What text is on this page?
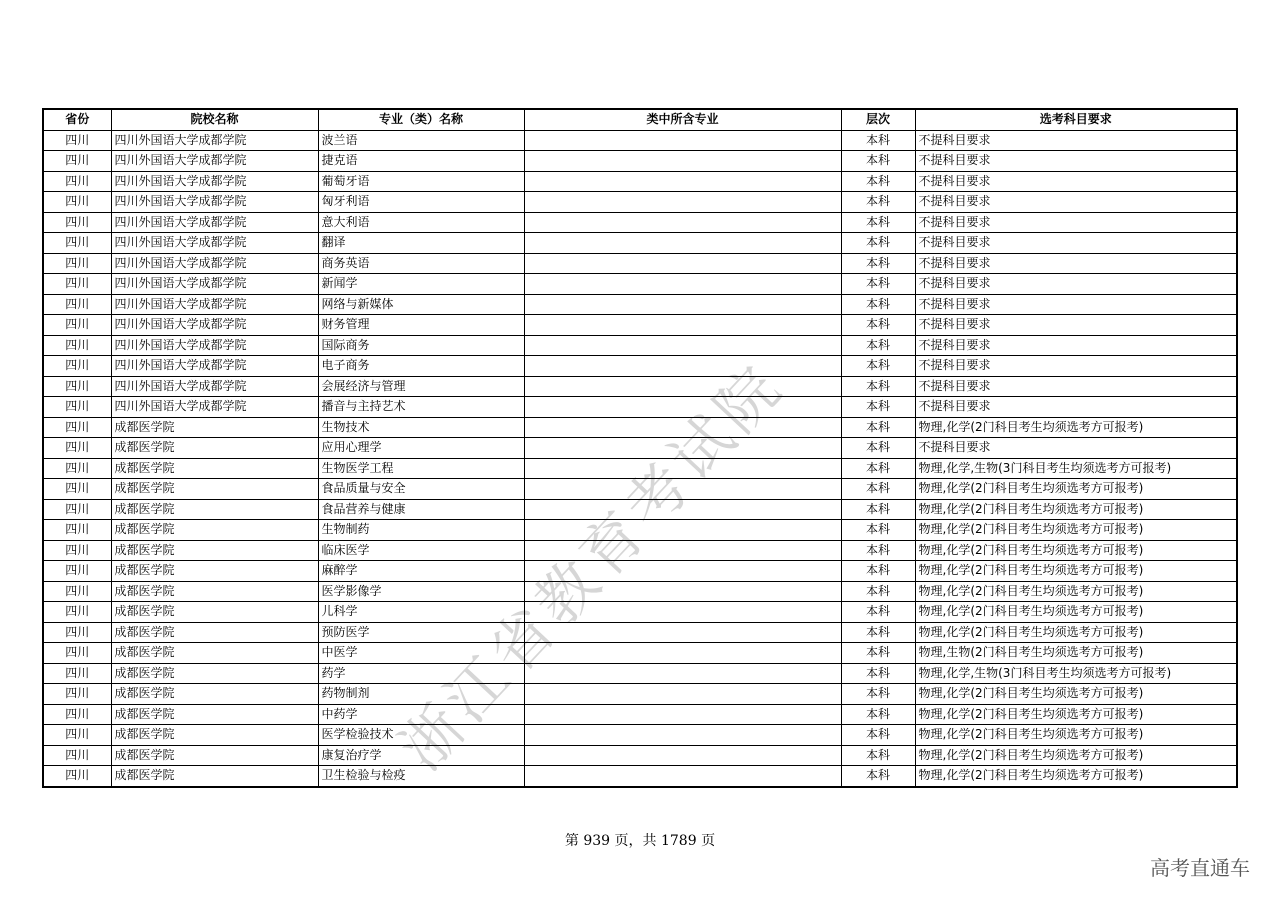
省份	院校名称	专业（类）名称	类中所含专业	层次	选考科目要求
四川	四川外国语大学成都学院	波兰语		本科	不提科目要求
四川	四川外国语大学成都学院	捷克语		本科	不提科目要求
四川	四川外国语大学成都学院	葡萄牙语		本科	不提科目要求
四川	四川外国语大学成都学院	匈牙利语		本科	不提科目要求
四川	四川外国语大学成都学院	意大利语		本科	不提科目要求
四川	四川外国语大学成都学院	翻译		本科	不提科目要求
四川	四川外国语大学成都学院	商务英语		本科	不提科目要求
四川	四川外国语大学成都学院	新闻学		本科	不提科目要求
四川	四川外国语大学成都学院	网络与新媒体		本科	不提科目要求
四川	四川外国语大学成都学院	财务管理		本科	不提科目要求
四川	四川外国语大学成都学院	国际商务		本科	不提科目要求
四川	四川外国语大学成都学院	电子商务		本科	不提科目要求
四川	四川外国语大学成都学院	会展经济与管理		本科	不提科目要求
四川	四川外国语大学成都学院	播音与主持艺术		本科	不提科目要求
四川	成都医学院	生物技术		本科	物理,化学(2门科目考生均须选考方可报考)
四川	成都医学院	应用心理学		本科	不提科目要求
四川	成都医学院	生物医学工程		本科	物理,化学,生物(3门科目考生均须选考方可报考)
四川	成都医学院	食品质量与安全		本科	物理,化学(2门科目考生均须选考方可报考)
四川	成都医学院	食品营养与健康		本科	物理,化学(2门科目考生均须选考方可报考)
四川	成都医学院	生物制药		本科	物理,化学(2门科目考生均须选考方可报考)
四川	成都医学院	临床医学		本科	物理,化学(2门科目考生均须选考方可报考)
四川	成都医学院	麻醉学		本科	物理,化学(2门科目考生均须选考方可报考)
四川	成都医学院	医学影像学		本科	物理,化学(2门科目考生均须选考方可报考)
四川	成都医学院	儿科学		本科	物理,化学(2门科目考生均须选考方可报考)
四川	成都医学院	预防医学		本科	物理,化学(2门科目考生均须选考方可报考)
四川	成都医学院	中医学		本科	物理,生物(2门科目考生均须选考方可报考)
四川	成都医学院	药学		本科	物理,化学,生物(3门科目考生均须选考方可报考)
四川	成都医学院	药物制剂		本科	物理,化学(2门科目考生均须选考方可报考)
四川	成都医学院	中药学		本科	物理,化学(2门科目考生均须选考方可报考)
四川	成都医学院	医学检验技术		本科	物理,化学(2门科目考生均须选考方可报考)
四川	成都医学院	康复治疗学		本科	物理,化学(2门科目考生均须选考方可报考)
四川	成都医学院	卫生检验与检疫		本科	物理,化学(2门科目考生均须选考方可报考)
浙江省教育考试院
第 939 页，共 1789 页
高考直通车
